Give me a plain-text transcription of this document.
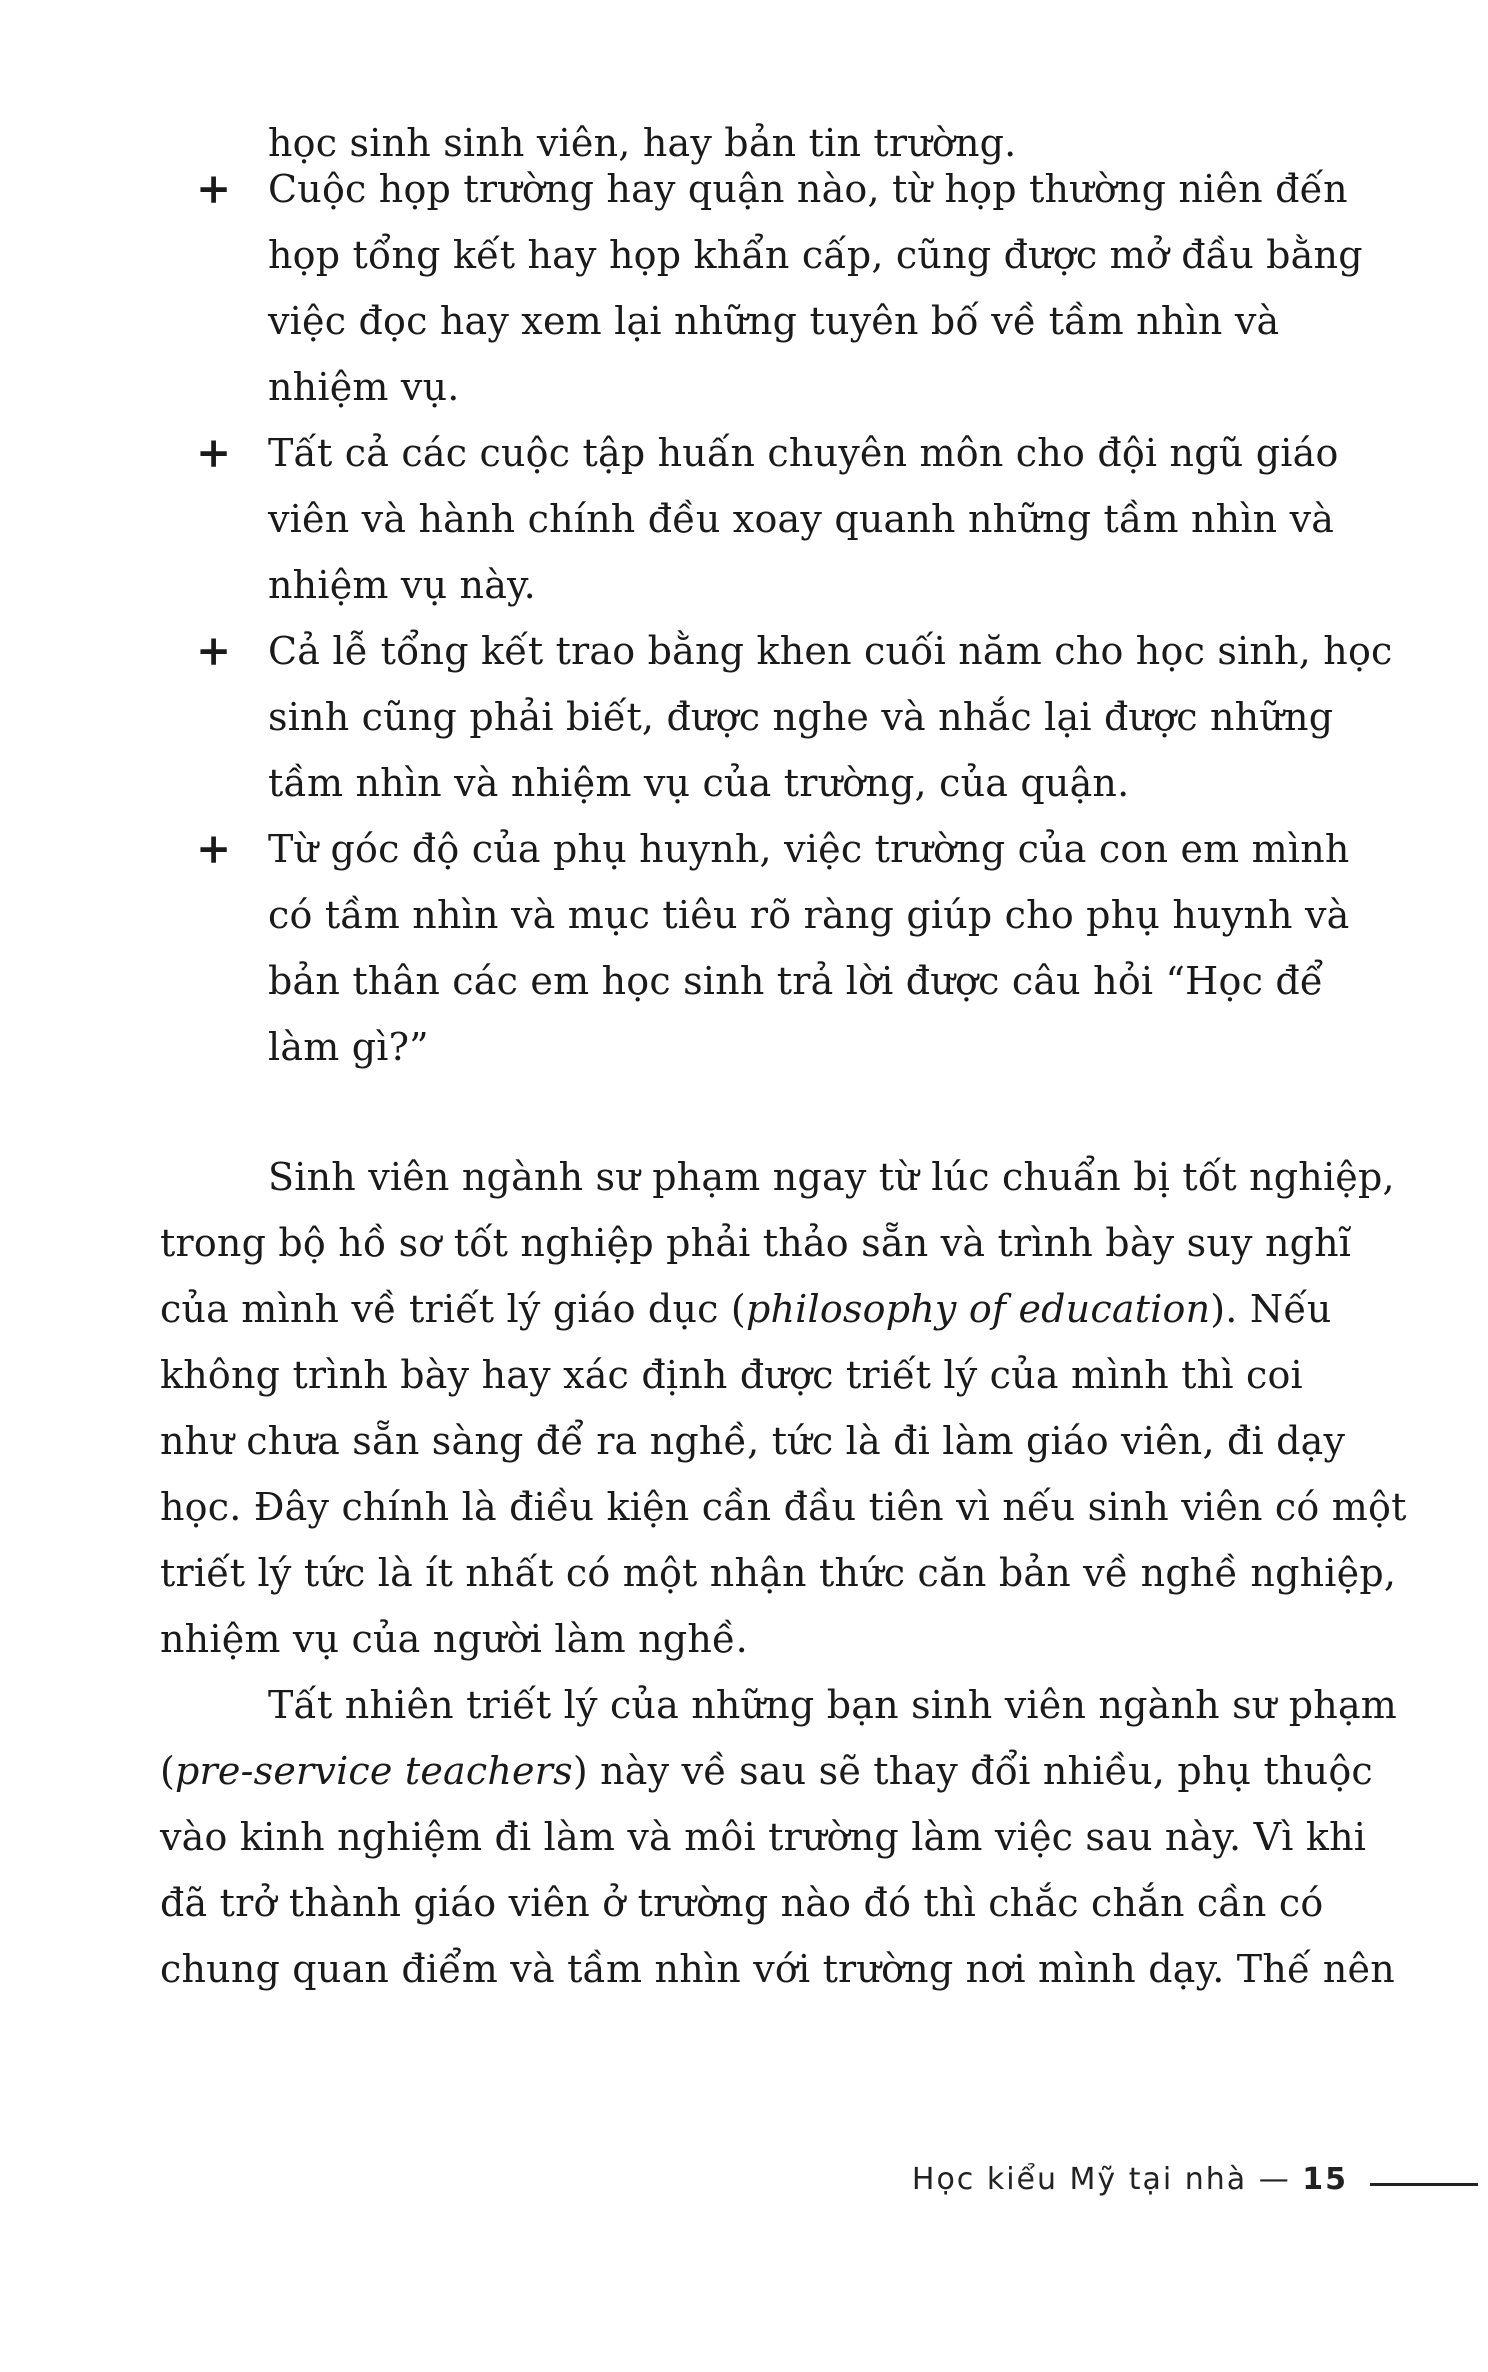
học sinh sinh viên, hay bản tin trường.
+ Cuộc họp trường hay quận nào, từ họp thường niên đến
họp tổng kết hay họp khẩn cấp, cũng được mở đầu bằng
việc đọc hay xem lại những tuyên bố về tầm nhìn và
nhiệm vụ.
+ Tất cả các cuộc tập huấn chuyên môn cho đội ngũ giáo
viên và hành chính đều xoay quanh những tầm nhìn và
nhiệm vụ này.
+ Cả lễ tổng kết trao bằng khen cuối năm cho học sinh, học
sinh cũng phải biết, được nghe và nhắc lại được những
tầm nhìn và nhiệm vụ của trường, của quận.
+ Từ góc độ của phụ huynh, việc trường của con em mình
có tầm nhìn và mục tiêu rõ ràng giúp cho phụ huynh và
bản thân các em học sinh trả lời được câu hỏi “Học để
làm gì?”
Sinh viên ngành sư phạm ngay từ lúc chuẩn bị tốt nghiệp,
trong bộ hồ sơ tốt nghiệp phải thảo sẵn và trình bày suy nghĩ
của mình về triết lý giáo dục (philosophy of education). Nếu
không trình bày hay xác định được triết lý của mình thì coi
như chưa sẵn sàng để ra nghề, tức là đi làm giáo viên, đi dạy
học. Đây chính là điều kiện cần đầu tiên vì nếu sinh viên có một
triết lý tức là ít nhất có một nhận thức căn bản về nghề nghiệp,
nhiệm vụ của người làm nghề.
Tất nhiên triết lý của những bạn sinh viên ngành sư phạm
(pre-service teachers) này về sau sẽ thay đổi nhiều, phụ thuộc
vào kinh nghiệm đi làm và môi trường làm việc sau này. Vì khi
đã trở thành giáo viên ở trường nào đó thì chắc chắn cần có
chung quan điểm và tầm nhìn với trường nơi mình dạy. Thế nên
Học kiểu Mỹ tại nhà — 15
